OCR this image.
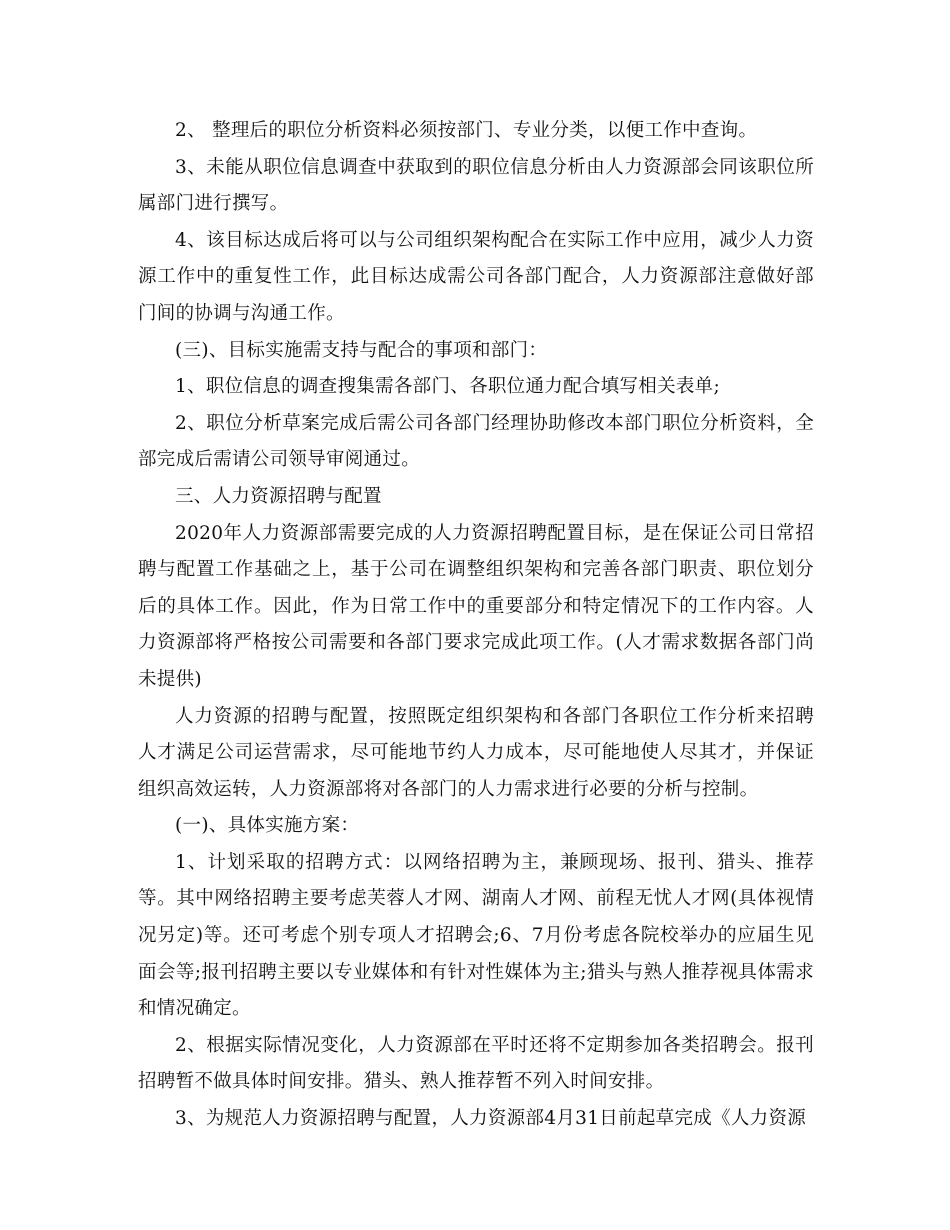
2、 整理后的职位分析资料必须按部门、专业分类，以便工作中查询。

3、未能从职位信息调查中获取到的职位信息分析由人力资源部会同该职位所属部门进行撰写。

4、该目标达成后将可以与公司组织架构配合在实际工作中应用，减少人力资源工作中的重复性工作，此目标达成需公司各部门配合，人力资源部注意做好部门间的协调与沟通工作。

(三)、目标实施需支持与配合的事项和部门：

1、职位信息的调查搜集需各部门、各职位通力配合填写相关表单;

2、职位分析草案完成后需公司各部门经理协助修改本部门职位分析资料，全部完成后需请公司领导审阅通过。

三、人力资源招聘与配置

2020年人力资源部需要完成的人力资源招聘配置目标，是在保证公司日常招聘与配置工作基础之上，基于公司在调整组织架构和完善各部门职责、职位划分后的具体工作。因此，作为日常工作中的重要部分和特定情况下的工作内容。人力资源部将严格按公司需要和各部门要求完成此项工作。(人才需求数据各部门尚未提供)

人力资源的招聘与配置，按照既定组织架构和各部门各职位工作分析来招聘人才满足公司运营需求，尽可能地节约人力成本，尽可能地使人尽其才，并保证组织高效运转，人力资源部将对各部门的人力需求进行必要的分析与控制。

(一)、具体实施方案：

1、计划采取的招聘方式：以网络招聘为主，兼顾现场、报刊、猎头、推荐等。其中网络招聘主要考虑芙蓉人才网、湖南人才网、前程无忧人才网(具体视情况另定)等。还可考虑个别专项人才招聘会;6、7月份考虑各院校举办的应届生见面会等;报刊招聘主要以专业媒体和有针对性媒体为主;猎头与熟人推荐视具体需求和情况确定。

2、根据实际情况变化，人力资源部在平时还将不定期参加各类招聘会。报刊招聘暂不做具体时间安排。猎头、熟人推荐暂不列入时间安排。

3、为规范人力资源招聘与配置，人力资源部4月31日前起草完成《人力资源
